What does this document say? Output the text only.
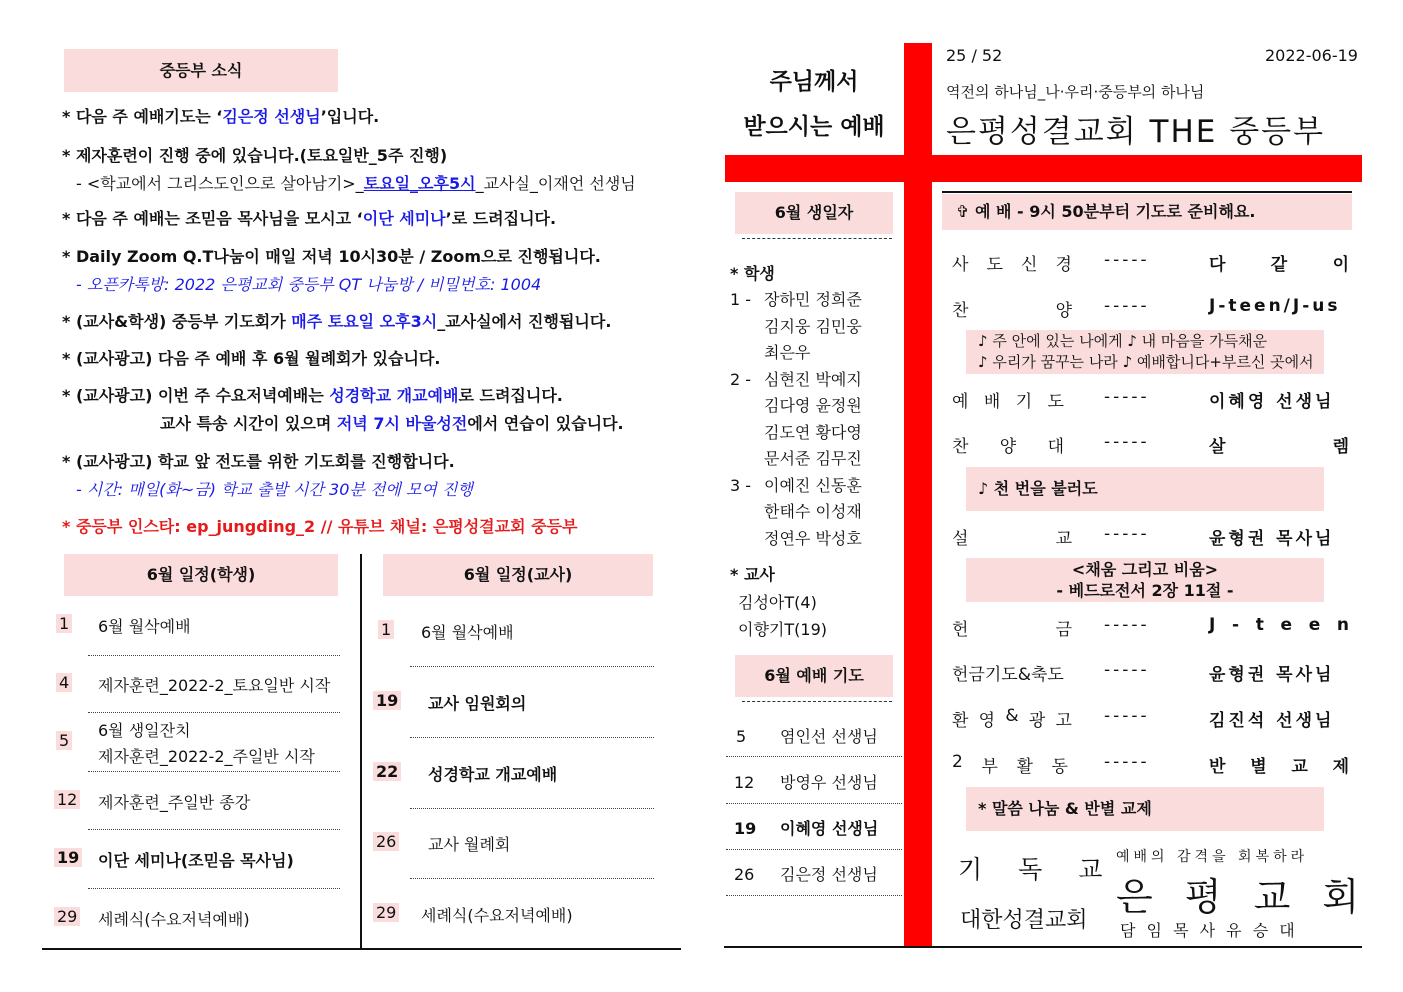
중등부 소식
* 다음 주 예배기도는 ‘김은정 선생님’입니다.
* 제자훈련이 진행 중에 있습니다.(토요일반_5주 진행)
- <학교에서 그리스도인으로 살아남기>_토요일_오후5시_교사실_이재언 선생님
* 다음 주 예배는 조믿음 목사님을 모시고 ‘이단 세미나’로 드려집니다.
* Daily Zoom Q.T나눔이 매일 저녁 10시30분 / Zoom으로 진행됩니다.
- 오픈카톡방: 2022 은평교회 중등부 QT 나눔방 / 비밀번호: 1004
* (교사&학생) 중등부 기도회가 매주 토요일 오후3시_교사실에서 진행됩니다.
* (교사광고) 다음 주 예배 후 6월 월례회가 있습니다.
* (교사광고) 이번 주 수요저녁예배는 성경학교 개교예배로 드려집니다.
교사 특송 시간이 있으며 저녁 7시 바울성전에서 연습이 있습니다.
* (교사광고) 학교 앞 전도를 위한 기도회를 진행합니다.
- 시간: 매일(화~금) 학교 출발 시간 30분 전에 모여 진행
* 중등부 인스타: ep_jungding_2 // 유튜브 채널: 은평성결교회 중등부
6월 일정(학생)
1 6월 월삭예배
4 제자훈련_2022-2_토요일반 시작
5
6월 생일잔치
제자훈련_2022-2_주일반 시작
12 제자훈련_주일반 종강
19 이단 세미나(조믿음 목사님)
29 세례식(수요저녁예배)
6월 일정(교사)
1 6월 월삭예배
19 교사 임원회의
22 성경학교 개교예배
26 교사 월례회
29 세례식(수요저녁예배)
주님께서
받으시는 예배
25 / 52	2022-06-19
역전의 하나님_나·우리·중등부의 하나님
은평성결교회 THE 중등부
6월 생일자
* 학생
1 - 장하민 정희준
김지웅 김민웅
최은우
2 - 심현진 박예지
김다영 윤정원
김도연 황다영
문서준 김무진
3 - 이예진 신동훈
한태수 이성재
정연우 박성호
* 교사
김성아T(4)
이향기T(19)
6월 예배 기도
5 염인선 선생님
12 방영우 선생님
19 이혜영 선생님
26 김은정 선생님
✞ 예 배 - 9시 50분부터 기도로 준비해요.
사 도 신 경 -----	다	같	이
찬	양 -----	J-teen/J-us
♪ 주 안에 있는 나에게 ♪ 내 마음을 가득채운
♪ 우리가 꿈꾸는 나라 ♪ 예배합니다+부르신 곳에서
예 배 기 도 -----	이혜영 선생님
찬 양 대 -----	살	렘
♪ 천 번을 불러도
설	교 -----	윤형권 목사님
<채움 그리고 비움>
- 베드로전서 2장 11절 -
헌	금 -----	J - t e e n
헌금기도&축도	-----	윤형권 목사님
환 영 & 광 고 -----	김진석 선생님
2 부 활 동 -----	반 별 교 제
* 말씀 나눔 & 반별 교제
기 독 교
대한성결교회
예배의 감격을 회복하라
은 평 교 회
담 임 목 사 유 승 대
